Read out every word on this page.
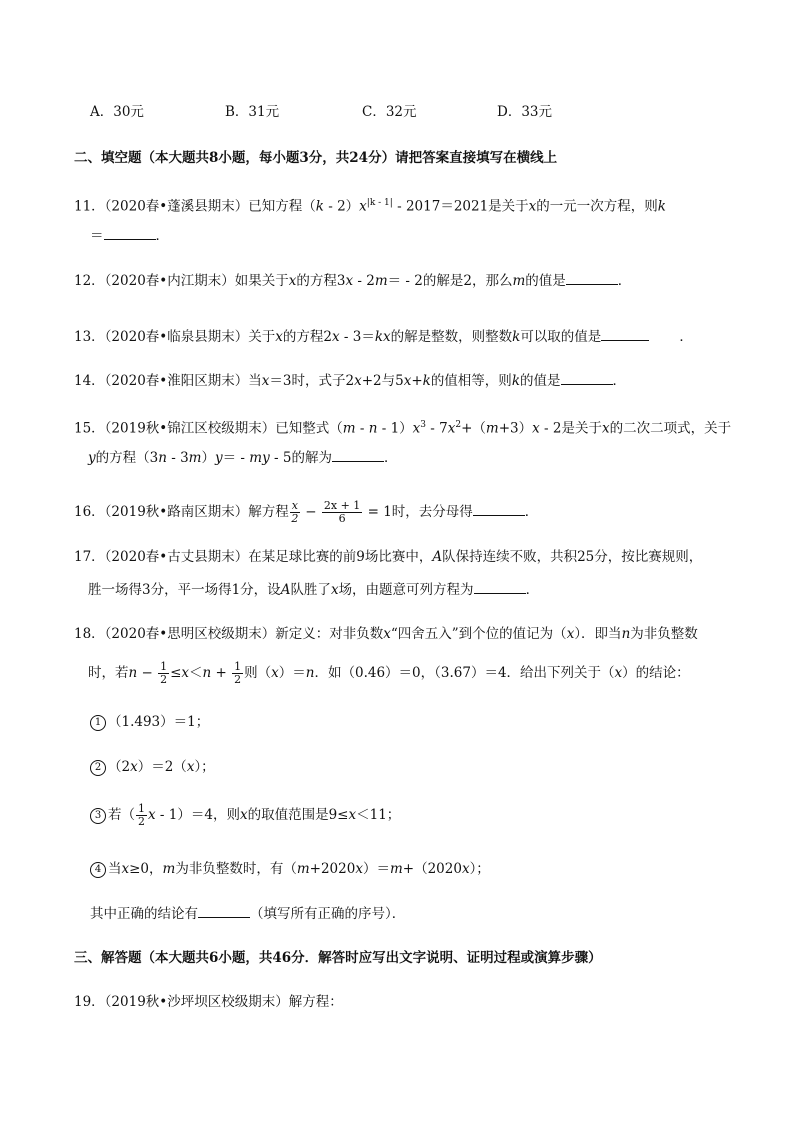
A．30元	B．31元	C．32元	D．33元
二、填空题（本大题共8小题，每小题3分，共24分）请把答案直接填写在横线上
11．（2020春•蓬溪县期末）已知方程$(k - 2)x^{|k - 1|} - 2017=2021$是关于x的一元一次方程，则k
＝	．
12．（2020春•内江期末）如果关于x的方程3x - 2m＝ - 2的解是2，那么m的值是	．
13．（2020春•临泉县期末）关于x的方程2x - 3＝kx的解是整数，则整数k可以取的值是	．
14．（2020春•淮阳区期末）当x＝3时，式子2x+2与5x+k的值相等，则k的值是	．
15．（2019秋•锦江区校级期末）已知整式$(m - n - 1)x^3 - 7x^2+(m+3)x - 2$是关于x的二次二项式，关于
y的方程（3n - 3m）y＝ - my - 5的解为	．
16．（2019秋•路南区期末）解方程 $\frac{x}{2} - \frac{2x + 1}{6} = 1$时，去分母得	．
17．（2020春•古丈县期末）在某足球比赛的前9场比赛中，A队保持连续不败，共积25分，按比赛规则，
胜一场得3分，平一场得1分，设A队胜了x场，由题意可列方程为	．
18．（2020春•思明区校级期末）新定义：对非负数x“四舍五入”到个位的值记为（x）．即当n为非负整数
时，若$n - \frac{1}{2} \le x<n + \frac{1}{2}$ 则（x）＝n．如（0.46）＝0，（3.67）＝4．给出下列关于（x）的结论：
1 （1.493）＝1；
2 （2x）＝2（x）；
3 若（ $\frac{1}{2}$ x - 1）＝4，则x的取值范围是9≤x＜11；
4 当x≥0，m为非负整数时，有（m+2020x）＝m+（2020x）；
其中正确的结论有	（填写所有正确的序号）．
三、解答题（本大题共6小题，共46分．解答时应写出文字说明、证明过程或演算步骤）
19．（2019秋•沙坪坝区校级期末）解方程：
